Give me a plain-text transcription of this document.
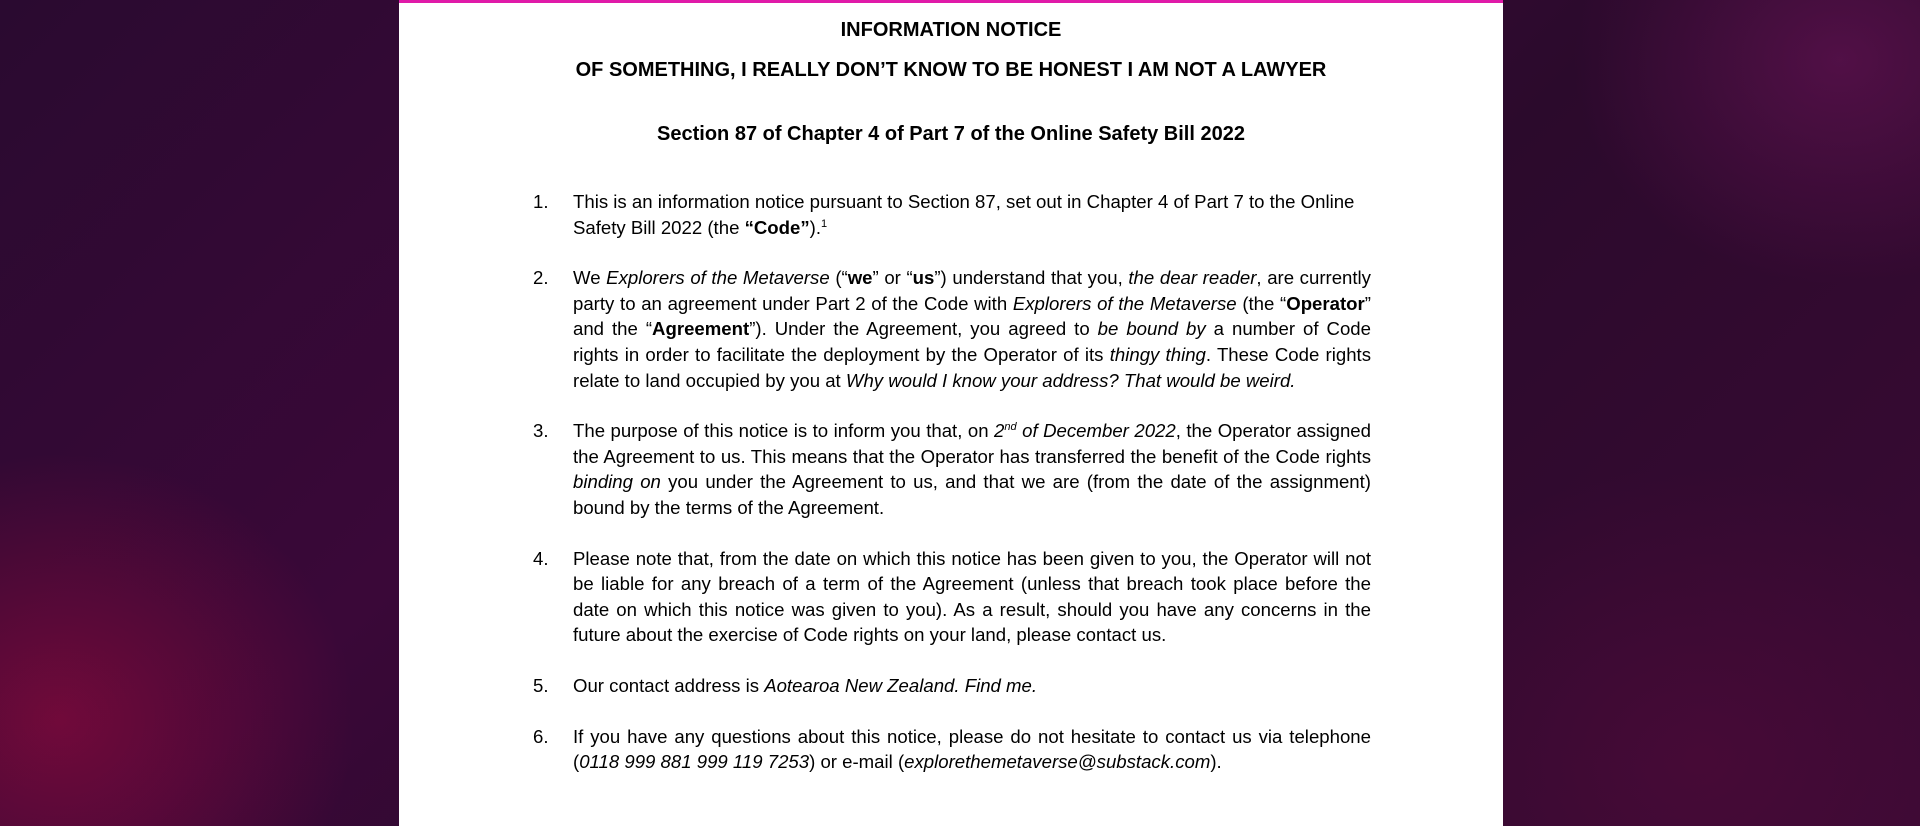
INFORMATION NOTICE
OF SOMETHING, I REALLY DON’T KNOW TO BE HONEST I AM NOT A LAWYER
Section 87 of Chapter 4 of Part 7 of the Online Safety Bill 2022
1.	This is an information notice pursuant to Section 87, set out in Chapter 4 of Part 7 to the Online Safety Bill 2022 (the “Code”).$^1$
2.	We Explorers of the Metaverse (“we” or “us”) understand that you, the dear reader, are currently party to an agreement under Part 2 of the Code with Explorers of the Metaverse (the “Operator” and the “Agreement”). Under the Agreement, you agreed to be bound by a number of Code rights in order to facilitate the deployment by the Operator of its thingy thing. These Code rights relate to land occupied by you at Why would I know your address? That would be weird.
3.	The purpose of this notice is to inform you that, on 2nd of December 2022, the Operator assigned the Agreement to us. This means that the Operator has transferred the benefit of the Code rights binding on you under the Agreement to us, and that we are (from the date of the assignment) bound by the terms of the Agreement.
4.	Please note that, from the date on which this notice has been given to you, the Operator will not be liable for any breach of a term of the Agreement (unless that breach took place before the date on which this notice was given to you). As a result, should you have any concerns in the future about the exercise of Code rights on your land, please contact us.
5.	Our contact address is Aotearoa New Zealand. Find me.
6.	If you have any questions about this notice, please do not hesitate to contact us via telephone (0118 999 881 999 119 7253) or e-mail (explorethemetaverse@substack.com).
